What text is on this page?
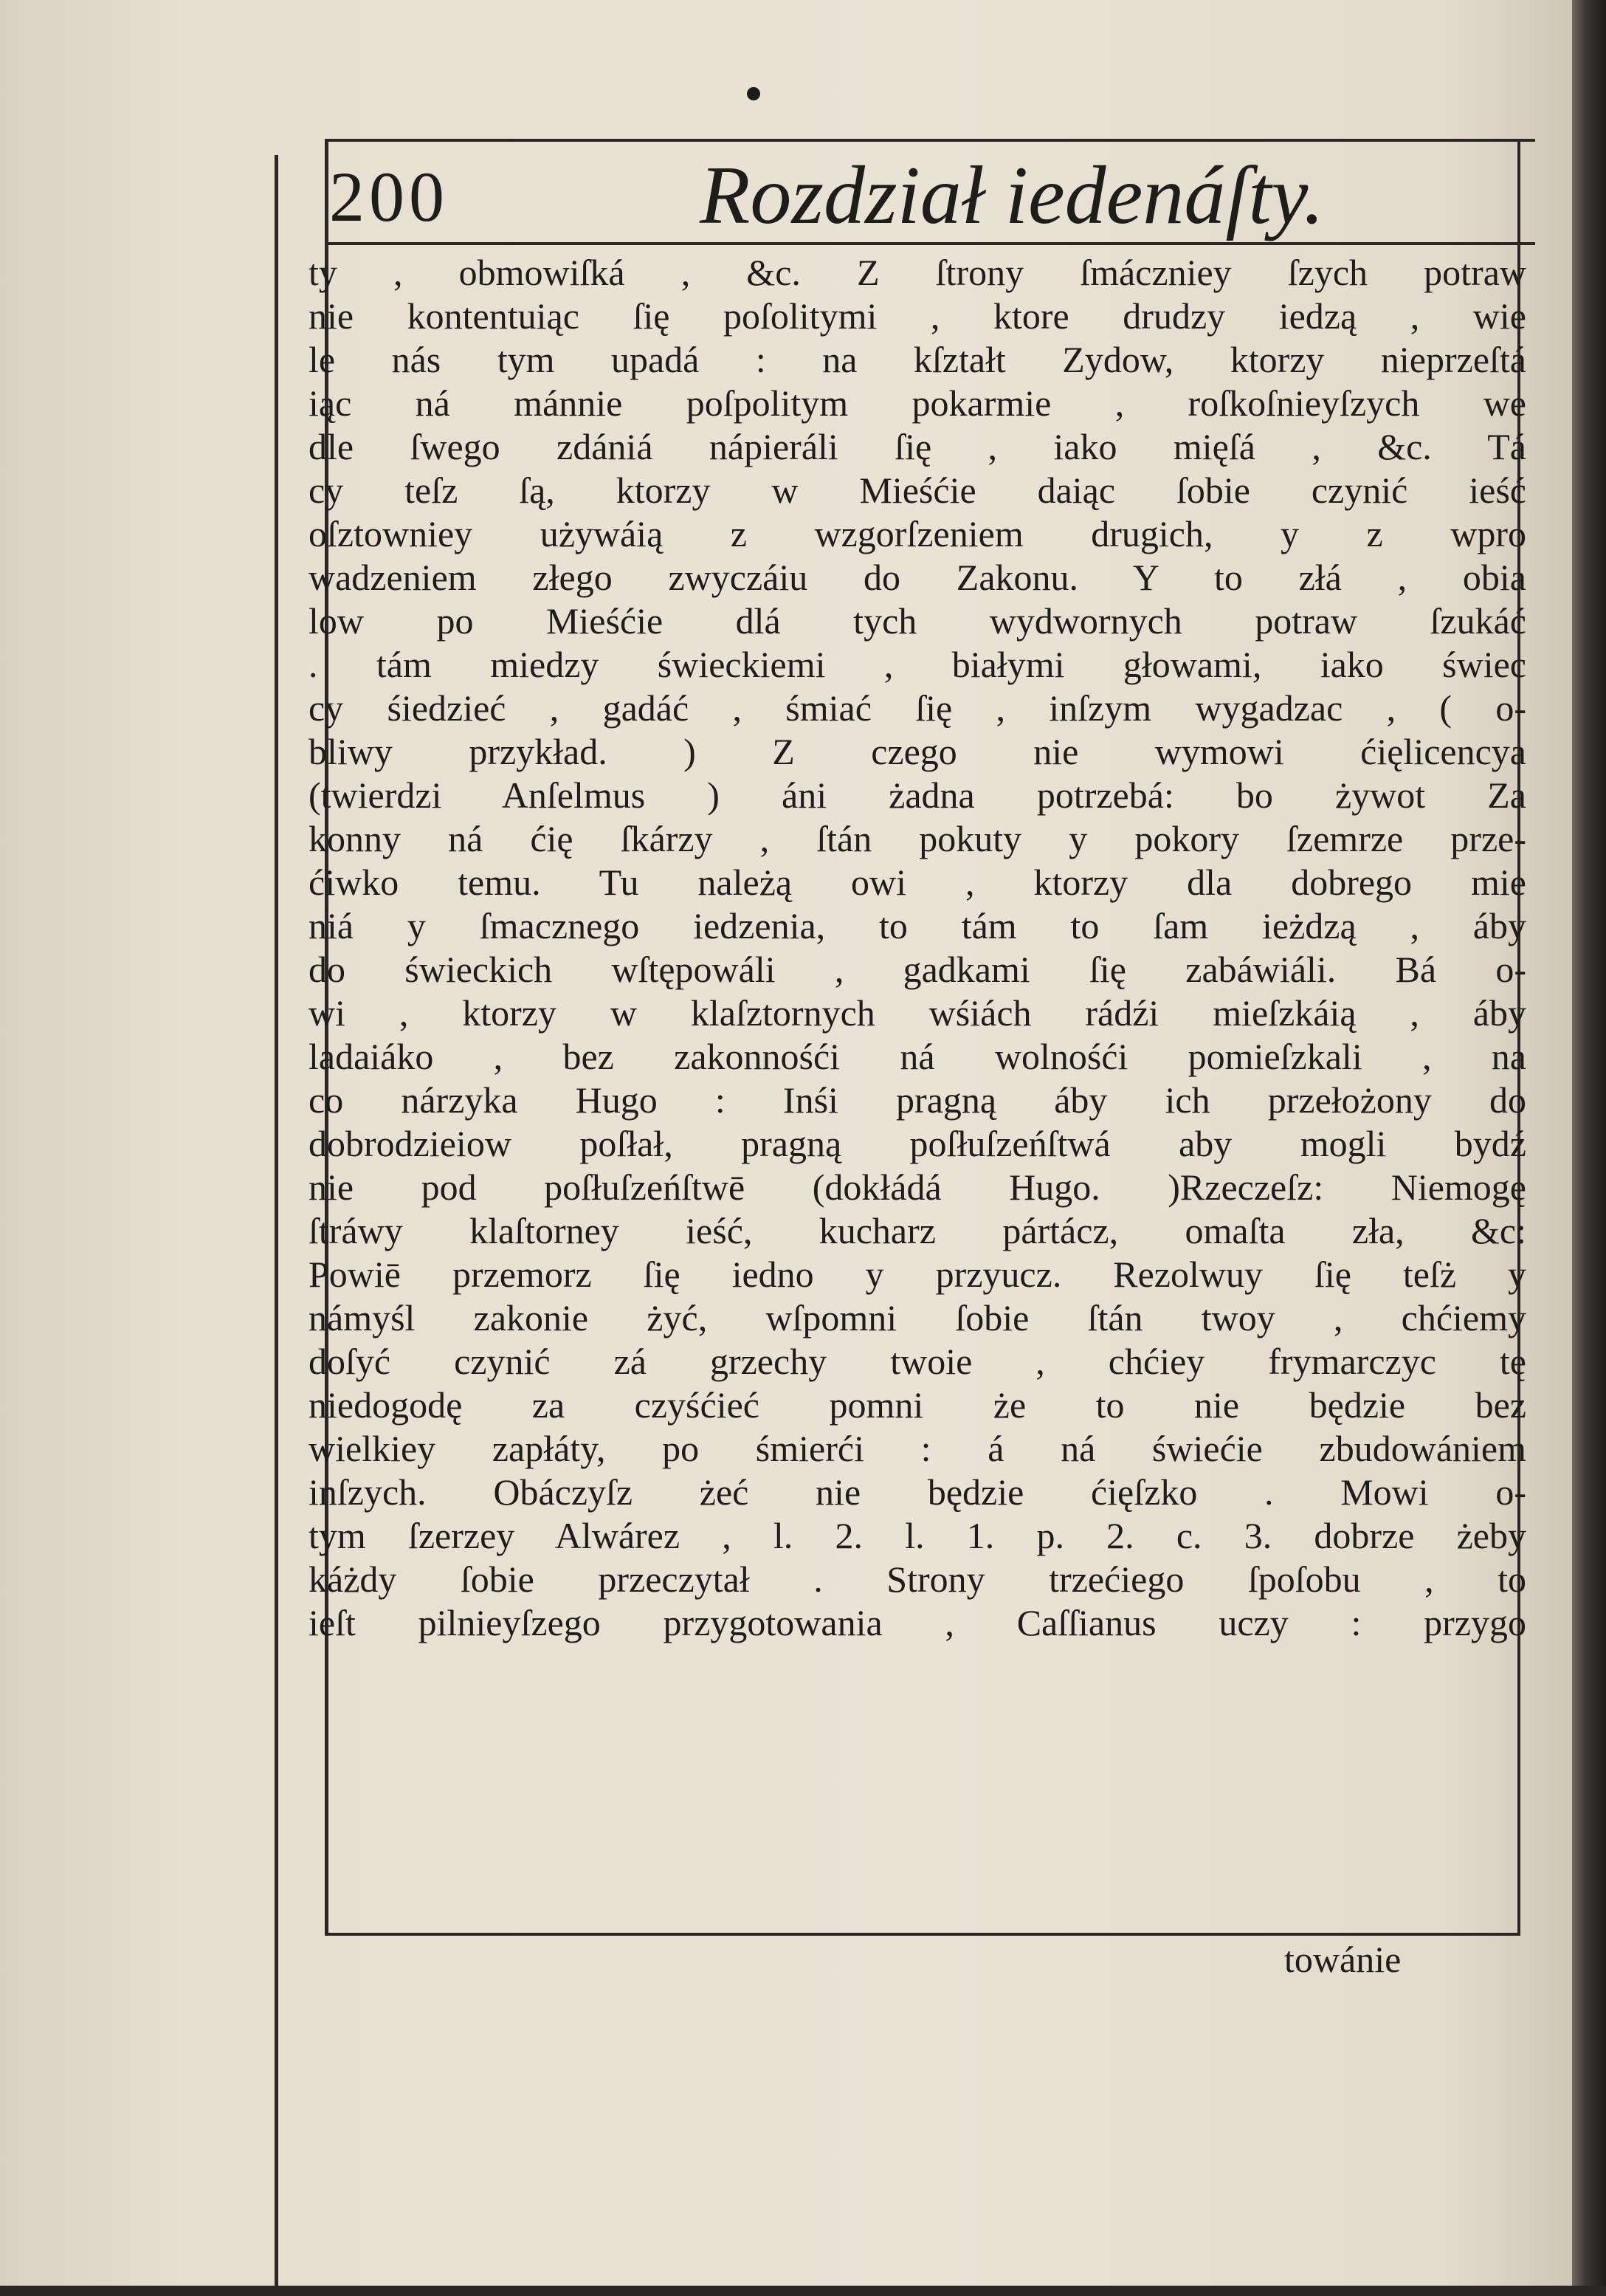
200	Rozdział iedenáſty.
ty , obmowiſká , &c. Z ſtrony ſmáczniey ſzych potraw
nie kontentuiąc ſię poſolitymi , ktore drudzy iedzą , wie
le nás tym upadá : na kſztałt Zydow, ktorzy nieprzeſtá
iąc ná mánnie poſpolitym pokarmie , roſkoſnieyſzych we
dle ſwego zdániá nápieráli ſię , iako mięſá , &c. Tá
cy teſz ſą, ktorzy w Mieśćie daiąc ſobie czynić ieść
oſztowniey używáią z wzgorſzeniem drugich, y z wpro
wadzeniem złego zwyczáiu do Zakonu. Y to złá , obia
low po Mieśćie dlá tych wydwornych potraw ſzukáć
. tám miedzy świeckiemi , białymi głowami, iako świec
cy śiedzieć , gadáć , śmiać ſię , inſzym wygadzac , ( o-
bliwy przykład. ) Z czego nie wymowi ćięlicencya
(twierdzi Anſelmus ) áni żadna potrzebá: bo żywot Za
konny ná ćię ſkárzy , ſtán pokuty y pokory ſzemrze prze-
ćiwko temu. Tu należą owi , ktorzy dla dobrego mie
niá y ſmacznego iedzenia, to tám to ſam ieżdzą , áby
do świeckich wſtępowáli , gadkami ſię zabáwiáli. Bá o-
wi , ktorzy w klaſztornych wśiách rádźi mieſzkáią , áby
ladaiáko , bez zakonnośći ná wolnośći pomieſzkali , na
co nárzyka Hugo : Inśi pragną áby ich przełożony do
dobrodzieiow poſłał, pragną poſłuſzeńſtwá aby mogli bydź
nie pod poſłuſzeńſtwē (dokłádá Hugo. )Rzeczeſz: Niemogę
ſtráwy klaſtorney ieść, kucharz pártácz, omaſta zła, &c:
Powiē przemorz ſię iedno y przyucz. Rezolwuy ſię teſż y
námyśl zakonie żyć, wſpomni ſobie ſtán twoy , chćiemy
doſyć czynić zá grzechy twoie , chćiey frymarczyc tę
niedogodę za czyśćieć pomni że to nie będzie bez
wielkiey zapłáty, po śmierći : á ná świećie zbudowániem
inſzych. Obáczyſz żeć nie będzie ćięſzko . Mowi o-
tym ſzerzey Alwárez , l. 2. l. 1. p. 2. c. 3. dobrze żeby
káżdy ſobie przeczytał . Strony trzećiego ſpoſobu , to
ieſt pilnieyſzego przygotowania , Caſſianus uczy : przygo
towánie
